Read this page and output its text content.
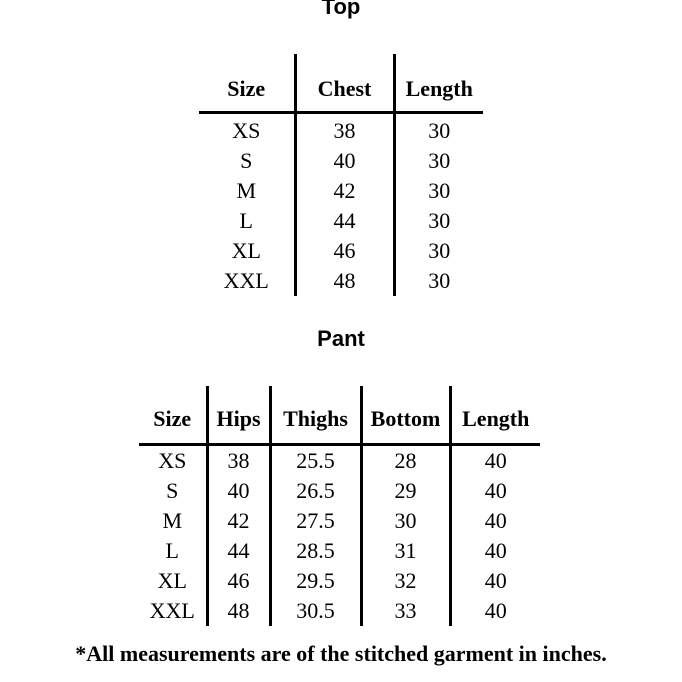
Top
Size	Chest	Length
XS	38	30
S	40	30
M	42	30
L	44	30
XL	46	30
XXL	48	30
Pant
Size	Hips	Thighs	Bottom	Length
XS	38	25.5	28	40
S	40	26.5	29	40
M	42	27.5	30	40
L	44	28.5	31	40
XL	46	29.5	32	40
XXL	48	30.5	33	40
*All measurements are of the stitched garment in inches.
